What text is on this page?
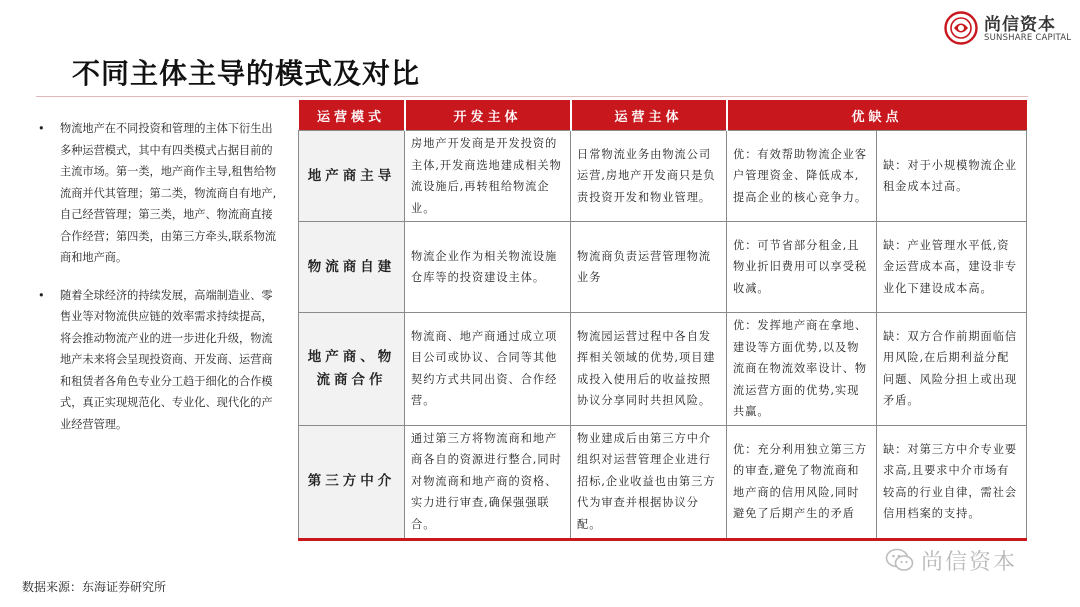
尚信资本
SUNSHARE CAPITAL
不同主体主导的模式及对比
• 物流地产在不同投资和管理的主体下衍生出多种运营模式，其中有四类模式占据目前的主流市场。第一类，地产商作主导,租售给物流商并代其管理；第二类，物流商自有地产,自己经营管理；第三类，地产、物流商直接合作经营；第四类，由第三方牵头,联系物流商和地产商。
• 随着全球经济的持续发展，高端制造业、零售业等对物流供应链的效率需求持续提高，将会推动物流产业的进一步进化升级，物流地产未来将会呈现投资商、开发商、运营商和租赁者各角色专业分工趋于细化的合作模式，真正实现规范化、专业化、现代化的产业经营管理。
运营模式	开发主体	运营主体	优缺点	
地产商主导	房地产开发商是开发投资的主体,开发商选地建成相关物流设施后,再转租给物流企业。	日常物流业务由物流公司运营,房地产开发商只是负责投资开发和物业管理。	优：有效帮助物流企业客户管理资金、降低成本,提高企业的核心竞争力。	缺：对于小规模物流企业租金成本过高。
物流商自建	物流企业作为相关物流设施仓库等的投资建设主体。	物流商负责运营管理物流业务	优：可节省部分租金,且物业折旧费用可以享受税收减。	缺：产业管理水平低,资金运营成本高，建设非专业化下建设成本高。
地产商、物流商合作	物流商、地产商通过成立项目公司或协议、合同等其他契约方式共同出资、合作经营。	物流园运营过程中各自发挥相关领域的优势,项目建成投入使用后的收益按照协议分享同时共担风险。	优：发挥地产商在拿地、建设等方面优势,以及物流商在物流效率设计、物流运营方面的优势,实现共赢。	缺：双方合作前期面临信用风险,在后期利益分配问题、风险分担上或出现矛盾。
第三方中介	通过第三方将物流商和地产商各自的资源进行整合,同时对物流商和地产商的资格、实力进行审查,确保强强联合。	物业建成后由第三方中介组织对运营管理企业进行招标,企业收益也由第三方代为审查并根据协议分配。	优：充分利用独立第三方的审查,避免了物流商和地产商的信用风险,同时避免了后期产生的矛盾	缺：对第三方中介专业要求高,且要求中介市场有较高的行业自律，需社会信用档案的支持。
数据来源：东海证券研究所
尚信资本
